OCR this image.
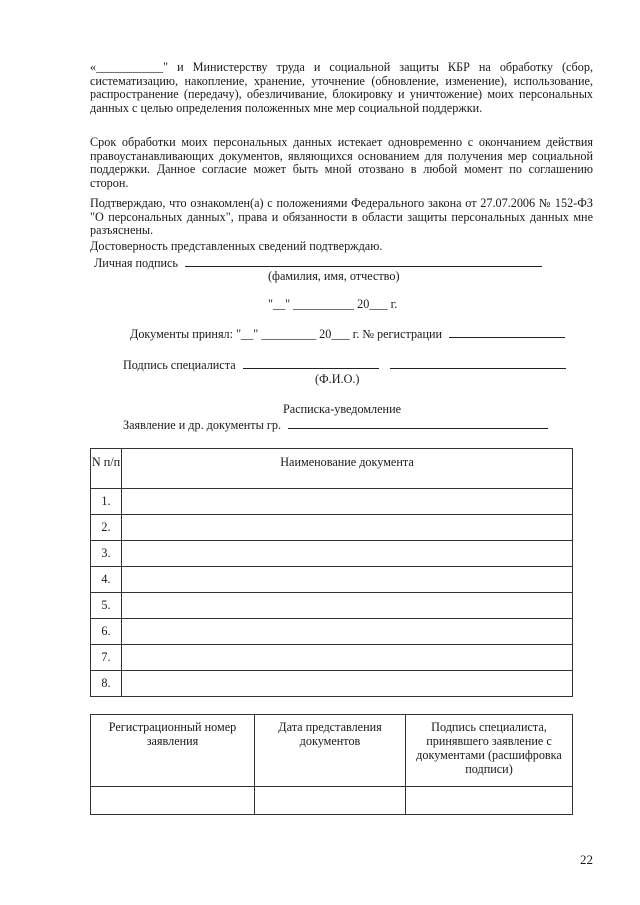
«___________" и Министерству труда и социальной защиты КБР на обработку (сбор, систематизацию, накопление, хранение, уточнение (обновление, изменение), использование, распространение (передачу), обезличивание, блокировку и уничтожение) моих персональных данных с целью определения положенных мне мер социальной поддержки.

Срок обработки моих персональных данных истекает одновременно с окончанием действия правоустанавливающих документов, являющихся основанием для получения мер социальной поддержки. Данное согласие может быть мной отозвано в любой момент по соглашению сторон.

Подтверждаю, что ознакомлен(а) с положениями Федерального закона от 27.07.2006 № 152-ФЗ "О персональных данных", права и обязанности в области защиты персональных данных мне разъяснены.

Достоверность представленных сведений подтверждаю.

Личная подпись
(фамилия, имя, отчество)
"__" __________ 20___ г.
Документы принял: "__" _________ 20___ г. № регистрации
Подпись специалиста
(Ф.И.О.)
Расписка-уведомление
Заявление и др. документы гр.
N п/п	Наименование документа
1.	
2.	
3.	
4.	
5.	
6.	
7.	
8.	
Регистрационный номер заявления	Дата представления документов	Подпись специалиста, принявшего заявление с документами (расшифровка подписи)

22
